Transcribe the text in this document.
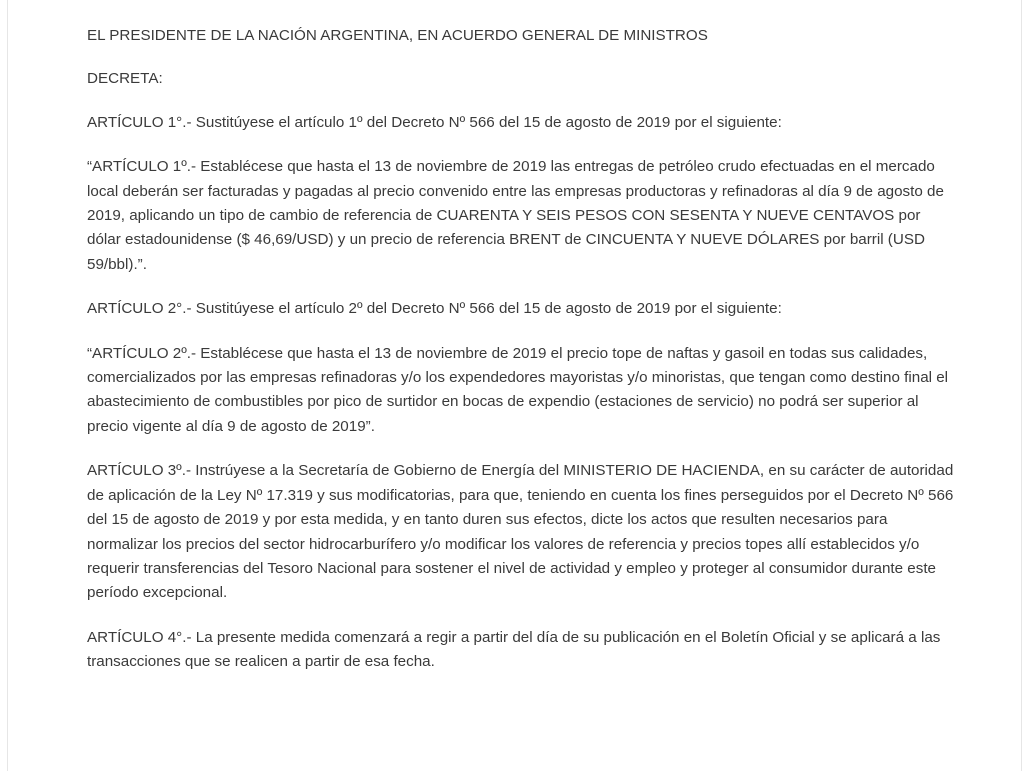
EL PRESIDENTE DE LA NACIÓN ARGENTINA, EN ACUERDO GENERAL DE MINISTROS

DECRETA:

ARTÍCULO 1°.- Sustitúyese el artículo 1º del Decreto Nº 566 del 15 de agosto de 2019 por el siguiente:

“ARTÍCULO 1º.- Establécese que hasta el 13 de noviembre de 2019 las entregas de petróleo crudo efectuadas en el mercado local deberán ser facturadas y pagadas al precio convenido entre las empresas productoras y refinadoras al día 9 de agosto de 2019, aplicando un tipo de cambio de referencia de CUARENTA Y SEIS PESOS CON SESENTA Y NUEVE CENTAVOS por dólar estadounidense ($ 46,69/USD) y un precio de referencia BRENT de CINCUENTA Y NUEVE DÓLARES por barril (USD 59/bbl).”.

ARTÍCULO 2°.- Sustitúyese el artículo 2º del Decreto Nº 566 del 15 de agosto de 2019 por el siguiente:

“ARTÍCULO 2º.- Establécese que hasta el 13 de noviembre de 2019 el precio tope de naftas y gasoil en todas sus calidades, comercializados por las empresas refinadoras y/o los expendedores mayoristas y/o minoristas, que tengan como destino final el abastecimiento de combustibles por pico de surtidor en bocas de expendio (estaciones de servicio) no podrá ser superior al precio vigente al día 9 de agosto de 2019”.

ARTÍCULO 3º.- Instrúyese a la Secretaría de Gobierno de Energía del MINISTERIO DE HACIENDA, en su carácter de autoridad de aplicación de la Ley Nº 17.319 y sus modificatorias, para que, teniendo en cuenta los fines perseguidos por el Decreto Nº 566 del 15 de agosto de 2019 y por esta medida, y en tanto duren sus efectos, dicte los actos que resulten necesarios para normalizar los precios del sector hidrocarburífero y/o modificar los valores de referencia y precios topes allí establecidos y/o requerir transferencias del Tesoro Nacional para sostener el nivel de actividad y empleo y proteger al consumidor durante este período excepcional.

ARTÍCULO 4°.- La presente medida comenzará a regir a partir del día de su publicación en el Boletín Oficial y se aplicará a las transacciones que se realicen a partir de esa fecha.
